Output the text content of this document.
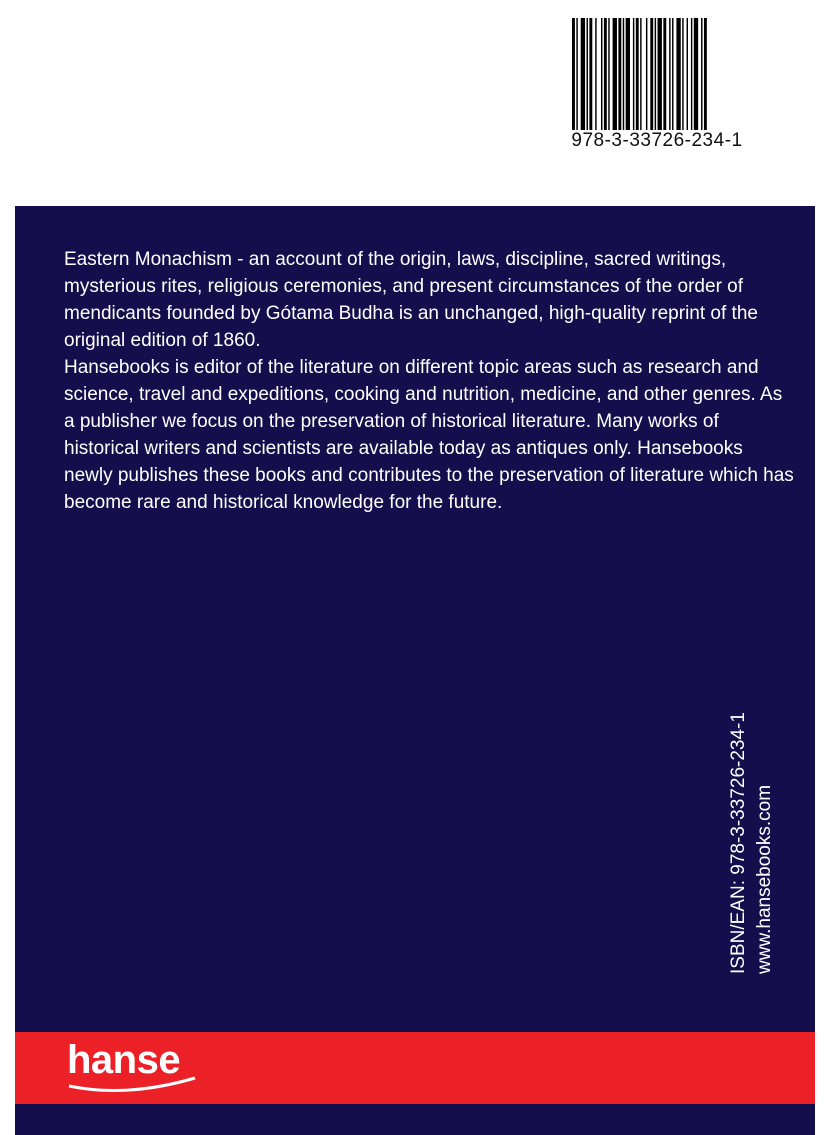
978-3-33726-234-1

Eastern Monachism - an account of the origin, laws, discipline, sacred writings, mysterious rites, religious ceremonies, and present circumstances of the order of mendicants founded by Gótama Budha is an unchanged, high-quality reprint of the original edition of 1860.

Hansebooks is editor of the literature on different topic areas such as research and science, travel and expeditions, cooking and nutrition, medicine, and other genres. As a publisher we focus on the preservation of historical literature. Many works of historical writers and scientists are available today as antiques only. Hansebooks newly publishes these books and contributes to the preservation of literature which has become rare and historical knowledge for the future.

ISBN/EAN: 978-3-33726-234-1 www.hansebooks.com
hanse
